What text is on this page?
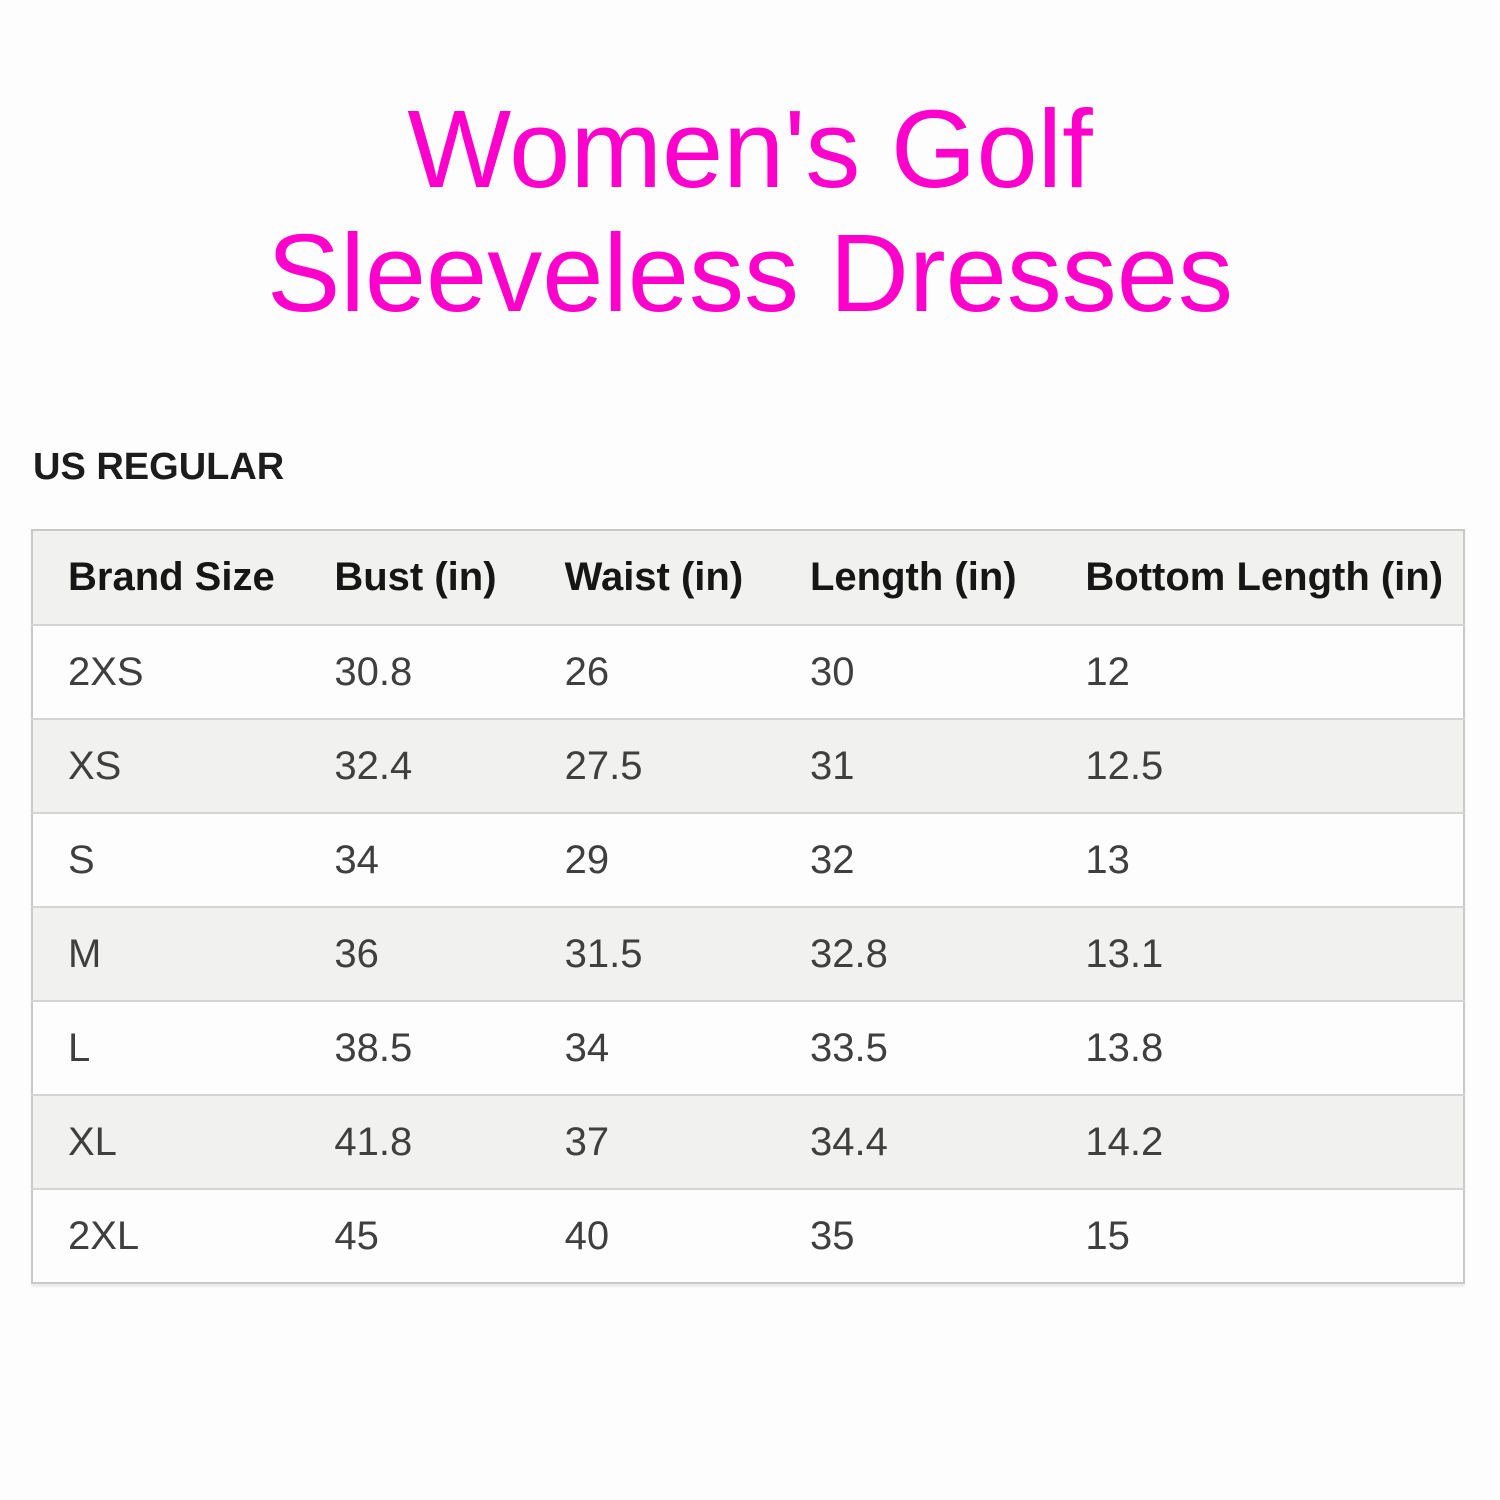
Women's Golf
Sleeveless Dresses
US REGULAR
Brand Size	Bust (in)	Waist (in)	Length (in)	Bottom Length (in)
2XS	30.8	26	30	12
XS	32.4	27.5	31	12.5
S	34	29	32	13
M	36	31.5	32.8	13.1
L	38.5	34	33.5	13.8
XL	41.8	37	34.4	14.2
2XL	45	40	35	15
